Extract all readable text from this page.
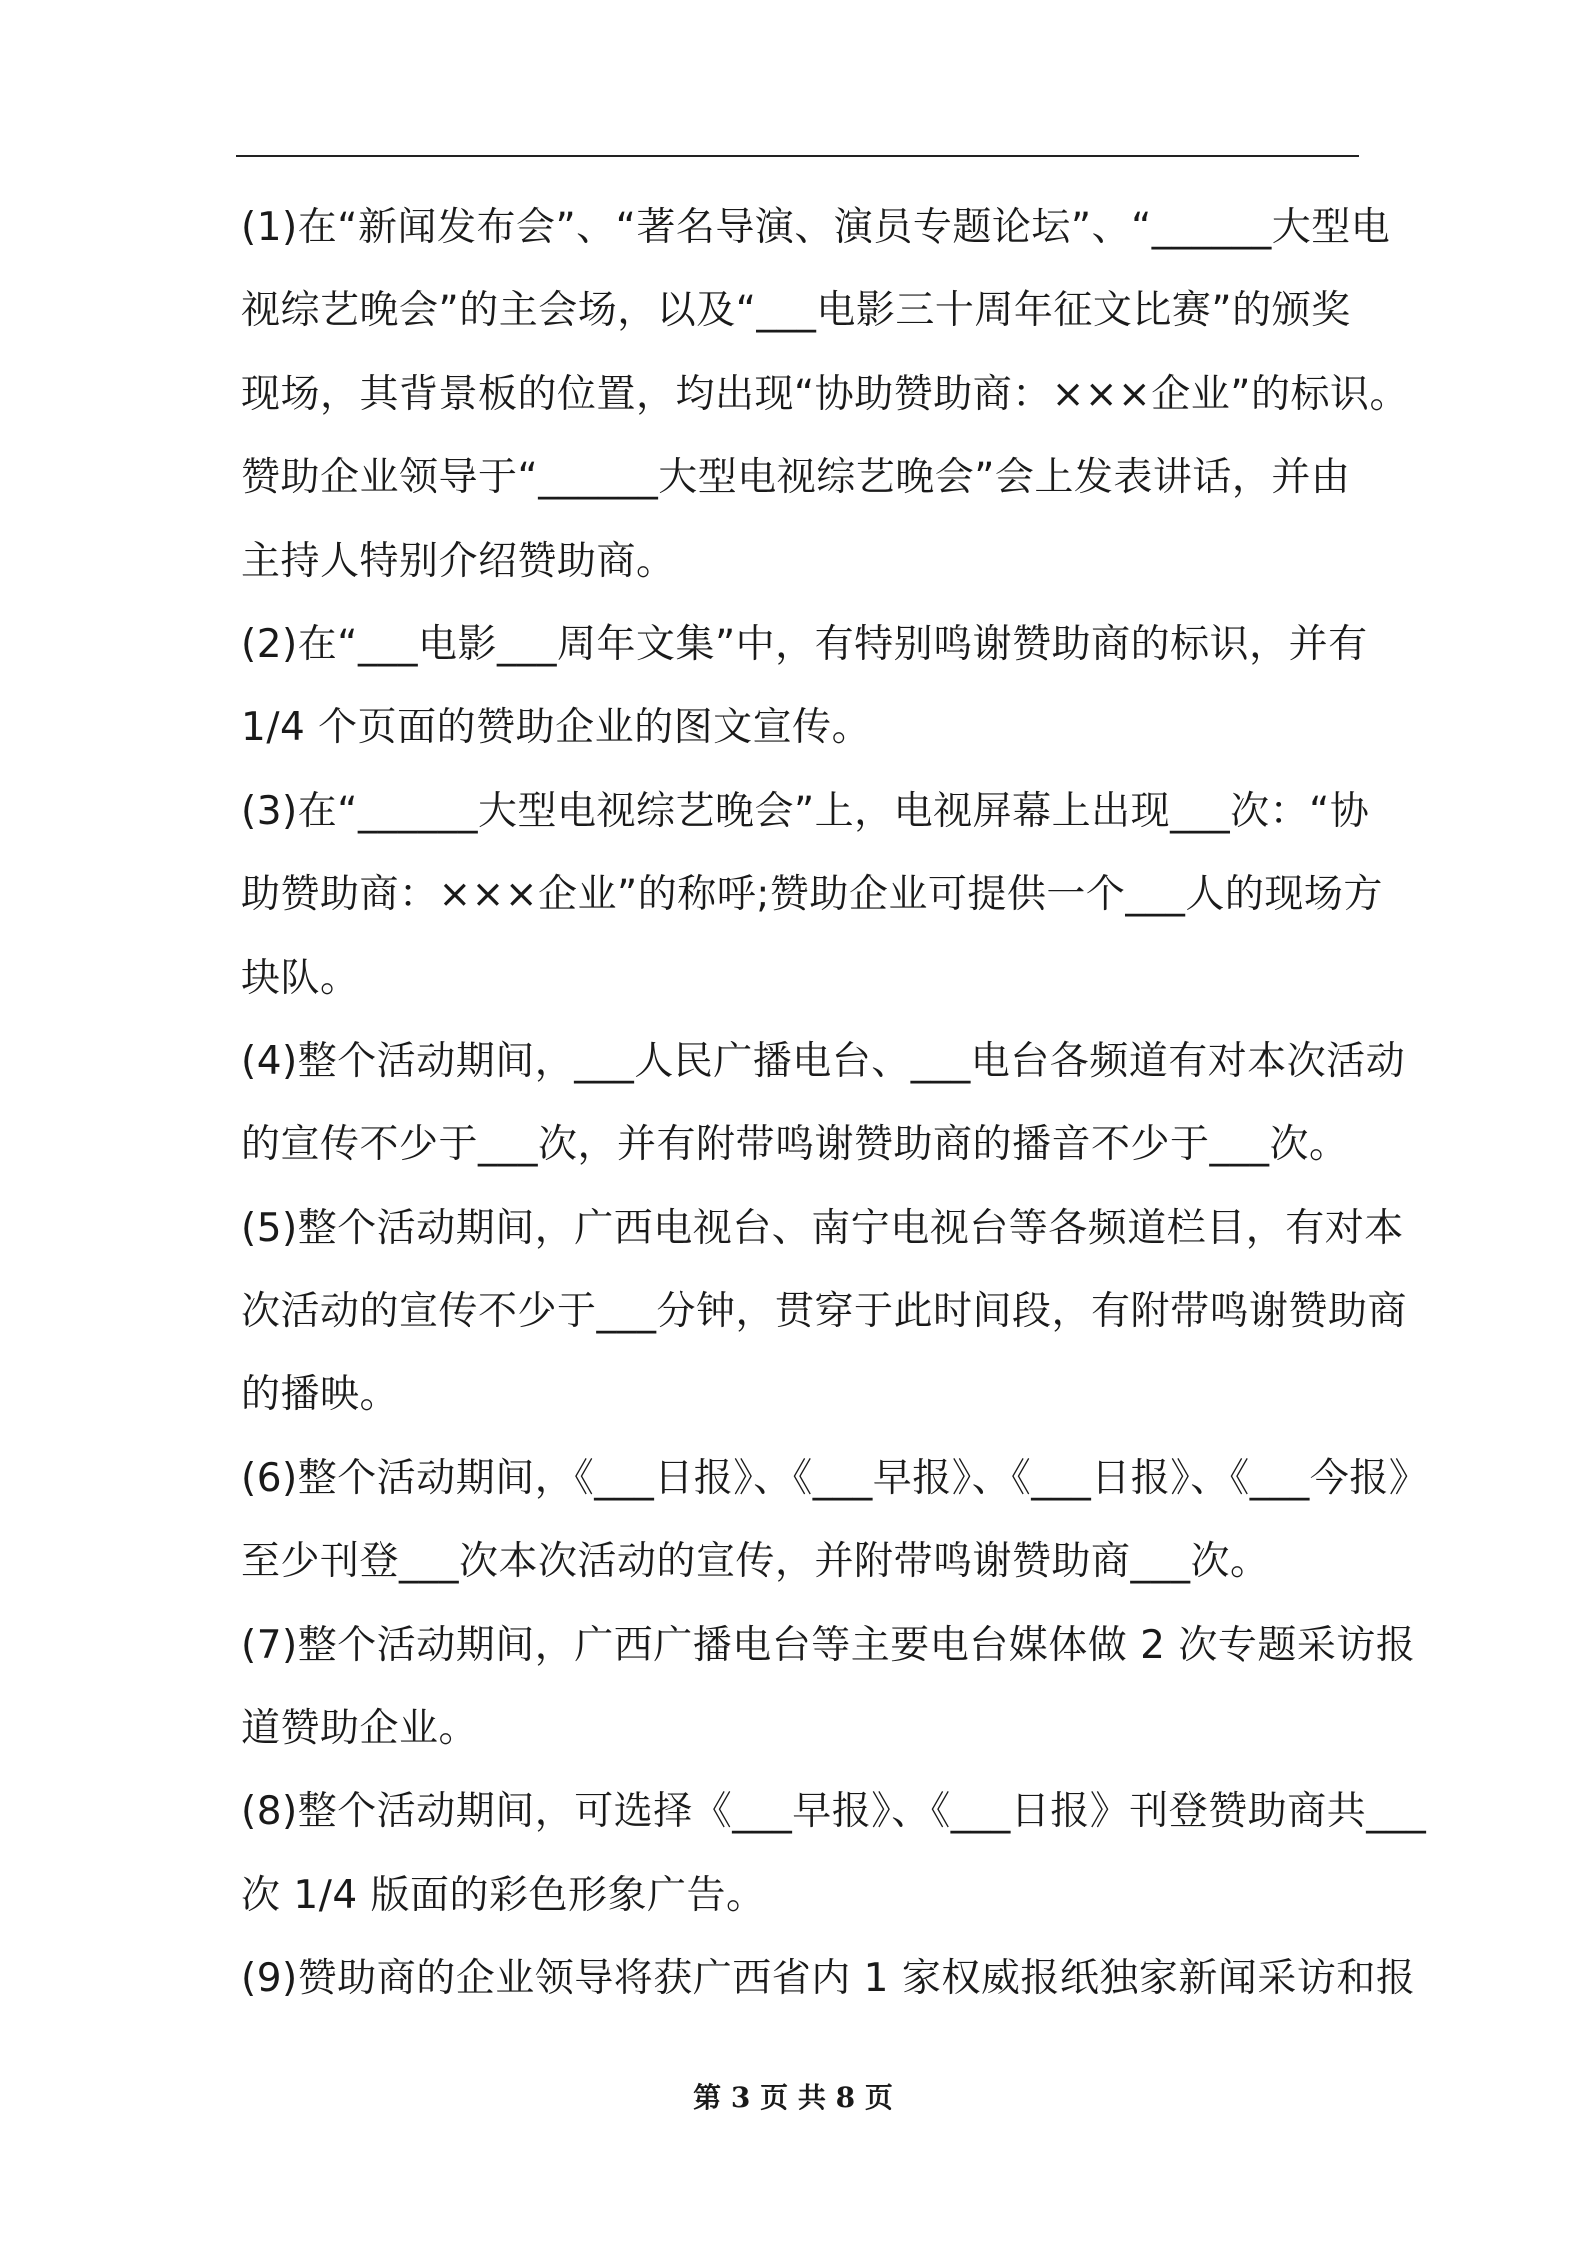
(1)在“新闻发布会”、“著名导演、演员专题论坛”、“______大型电
视综艺晚会”的主会场，以及“___电影三十周年征文比赛”的颁奖
现场，其背景板的位置，均出现“协助赞助商：×××企业”的标识。
赞助企业领导于“______大型电视综艺晚会”会上发表讲话，并由
主持人特别介绍赞助商。
(2)在“___电影___周年文集”中，有特别鸣谢赞助商的标识，并有
1/4 个页面的赞助企业的图文宣传。
(3)在“______大型电视综艺晚会”上，电视屏幕上出现___次：“协
助赞助商：×××企业”的称呼;赞助企业可提供一个___人的现场方
块队。
(4)整个活动期间，___人民广播电台、___电台各频道有对本次活动
的宣传不少于___次，并有附带鸣谢赞助商的播音不少于___次。
(5)整个活动期间，广西电视台、南宁电视台等各频道栏目，有对本
次活动的宣传不少于___分钟，贯穿于此时间段，有附带鸣谢赞助商
的播映。
(6)整个活动期间，《___日报》、《___早报》、《___日报》、《___今报》
至少刊登___次本次活动的宣传，并附带鸣谢赞助商___次。
(7)整个活动期间，广西广播电台等主要电台媒体做 2 次专题采访报
道赞助企业。
(8)整个活动期间，可选择《___早报》、《___日报》刊登赞助商共___
次 1/4 版面的彩色形象广告。
(9)赞助商的企业领导将获广西省内 1 家权威报纸独家新闻采访和报
第 3 页 共 8 页
